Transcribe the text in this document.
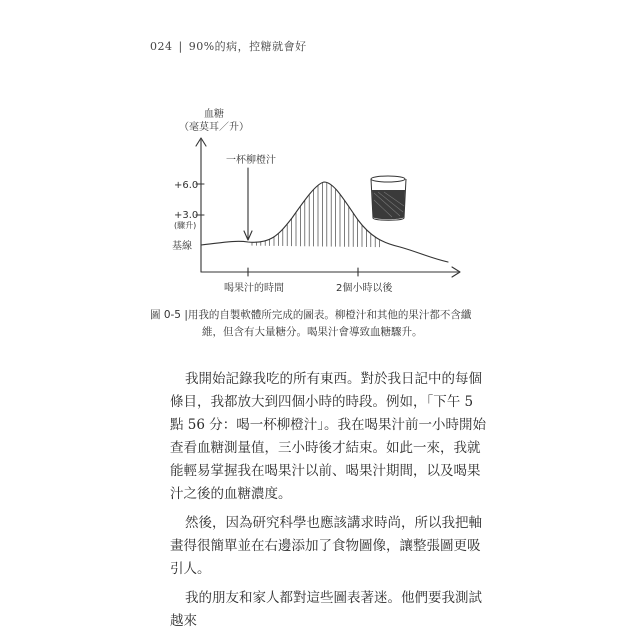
024 | 90%的病，控糖就會好
血糖
（毫莫耳／升）
+6.0
+3.0
(驟升)
基線
一杯柳橙汁
喝果汁的時間	2個小時以後
圖 0-5 |用我的自製軟體所完成的圖表。柳橙汁和其他的果汁都不含纖
維，但含有大量糖分。喝果汁會導致血糖驟升。

我開始記錄我吃的所有東西。對於我日記中的每個條目，我都放大到四個小時的時段。例如，「下午 5 點 56 分：喝一杯柳橙汁」。我在喝果汁前一小時開始查看血糖測量值，三小時後才結束。如此一來，我就能輕易掌握我在喝果汁以前、喝果汁期間，以及喝果汁之後的血糖濃度。

然後，因為研究科學也應該講求時尚，所以我把軸畫得很簡單並在右邊添加了食物圖像，讓整張圖更吸引人。

我的朋友和家人都對這些圖表著迷。他們要我測試越來
